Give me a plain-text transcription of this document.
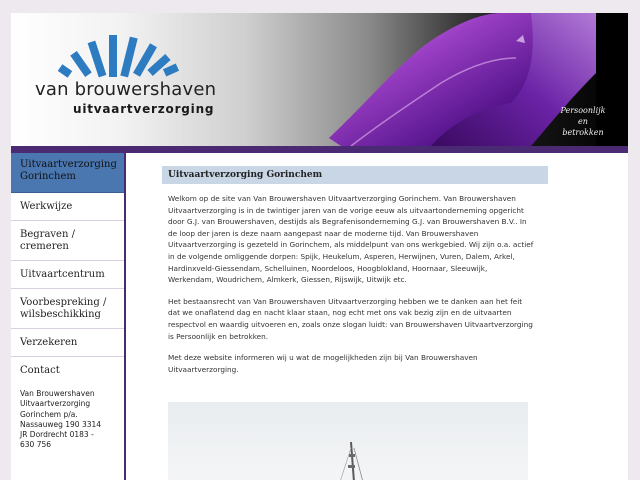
van brouwershaven
uitvaartverzorging	Persoonlijk
en
betrokken
Uitvaartverzorging Gorinchem
Werkwijze
Begraven / cremeren
Uitvaartcentrum
Voorbespreking / wilsbeschikking
Verzekeren
Contact
Van Brouwershaven
Uitvaartverzorging
Gorinchem p/a.
Nassauweg 190 3314
JR Dordrecht 0183 -
630 756
Uitvaartverzorging Gorinchem

Welkom op de site van Van Brouwershaven Uitvaartverzorging Gorinchem. Van Brouwershaven Uitvaartverzorging is in de twintiger jaren van de vorige eeuw als uitvaartonderneming opgericht door G.J. van Brouwershaven, destijds als Begrafenisonderneming G.J. van Brouwershaven B.V.. In de loop der jaren is deze naam aangepast naar de moderne tijd. Van Brouwershaven Uitvaartverzorging is gezeteld in Gorinchem, als middelpunt van ons werkgebied. Wij zijn o.a. actief in de volgende omliggende dorpen: Spijk, Heukelum, Asperen, Herwijnen, Vuren, Dalem, Arkel, Hardinxveld-Giessendam, Schelluinen, Noordeloos, Hoogblokland, Hoornaar, Sleeuwijk, Werkendam, Woudrichem, Almkerk, Giessen, Rijswijk, Uitwijk etc.

Het bestaansrecht van Van Brouwershaven Uitvaartverzorging hebben we te danken aan het feit dat we onaflatend dag en nacht klaar staan, nog echt met ons vak bezig zijn en de uitvaarten respectvol en waardig uitvoeren en, zoals onze slogan luidt: van Brouwershaven Uitvaartverzorging is Persoonlijk en betrokken.

Met deze website informeren wij u wat de mogelijkheden zijn bij Van Brouwershaven Uitvaartverzorging.
